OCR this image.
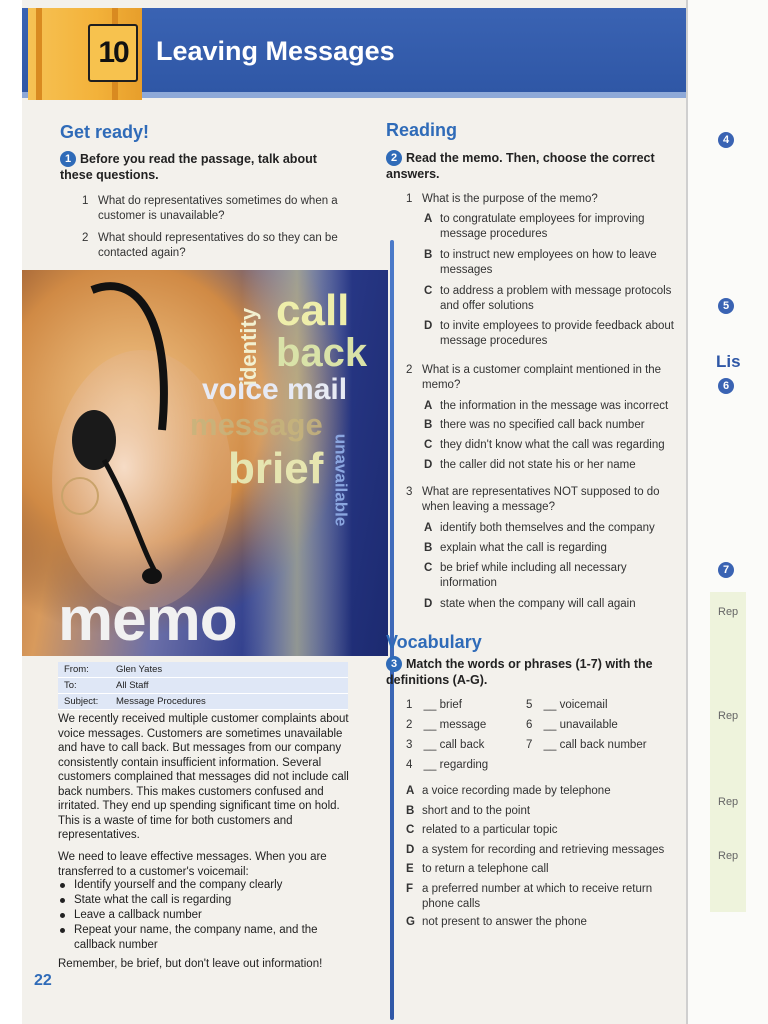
10	Leaving Messages
4
5
Lis
6
7
Rep
Rep
Rep
Rep
Get ready!
1 Before you read the passage, talk about these questions.
1 What do representatives sometimes do when a customer is unavailable?
2 What should representatives do so they can be contacted again?
identity call
back
voice mail
message
brief unavailable
memo
From:	Glen Yates
To:	All Staff
Subject:	Message Procedures
We recently received multiple customer complaints about voice messages. Customers are sometimes unavailable and have to call back. But messages from our company consistently contain insufficient information. Several customers complained that messages did not include call back numbers. This makes customers confused and irritated. They end up spending significant time on hold. This is a waste of time for both customers and representatives.
We need to leave effective messages. When you are transferred to a customer's voicemail:
Identify yourself and the company clearly
State what the call is regarding
Leave a callback number
Repeat your name, the company name, and the callback number
Remember, be brief, but don't leave out information!
22
Reading
2 Read the memo. Then, choose the correct answers.
1 What is the purpose of the memo?
A to congratulate employees for improving message procedures
B to instruct new employees on how to leave messages
C to address a problem with message protocols and offer solutions
D to invite employees to provide feedback about message procedures
2 What is a customer complaint mentioned in the memo?
A the information in the message was incorrect
B there was no specified call back number
C they didn't know what the call was regarding
D the caller did not state his or her name
3 What are representatives NOT supposed to do when leaving a message?
A identify both themselves and the company
B explain what the call is regarding
C be brief while including all necessary information
D state when the company will call again
Vocabulary
3 Match the words or phrases (1-7) with the definitions (A-G).
1 __ brief
2 __ message
3 __ call back
4 __ regarding
5 __ voicemail
6 __ unavailable
7 __ call back number
A a voice recording made by telephone
B short and to the point
C related to a particular topic
D a system for recording and retrieving messages
E to return a telephone call
F a preferred number at which to receive return phone calls
G not present to answer the phone
